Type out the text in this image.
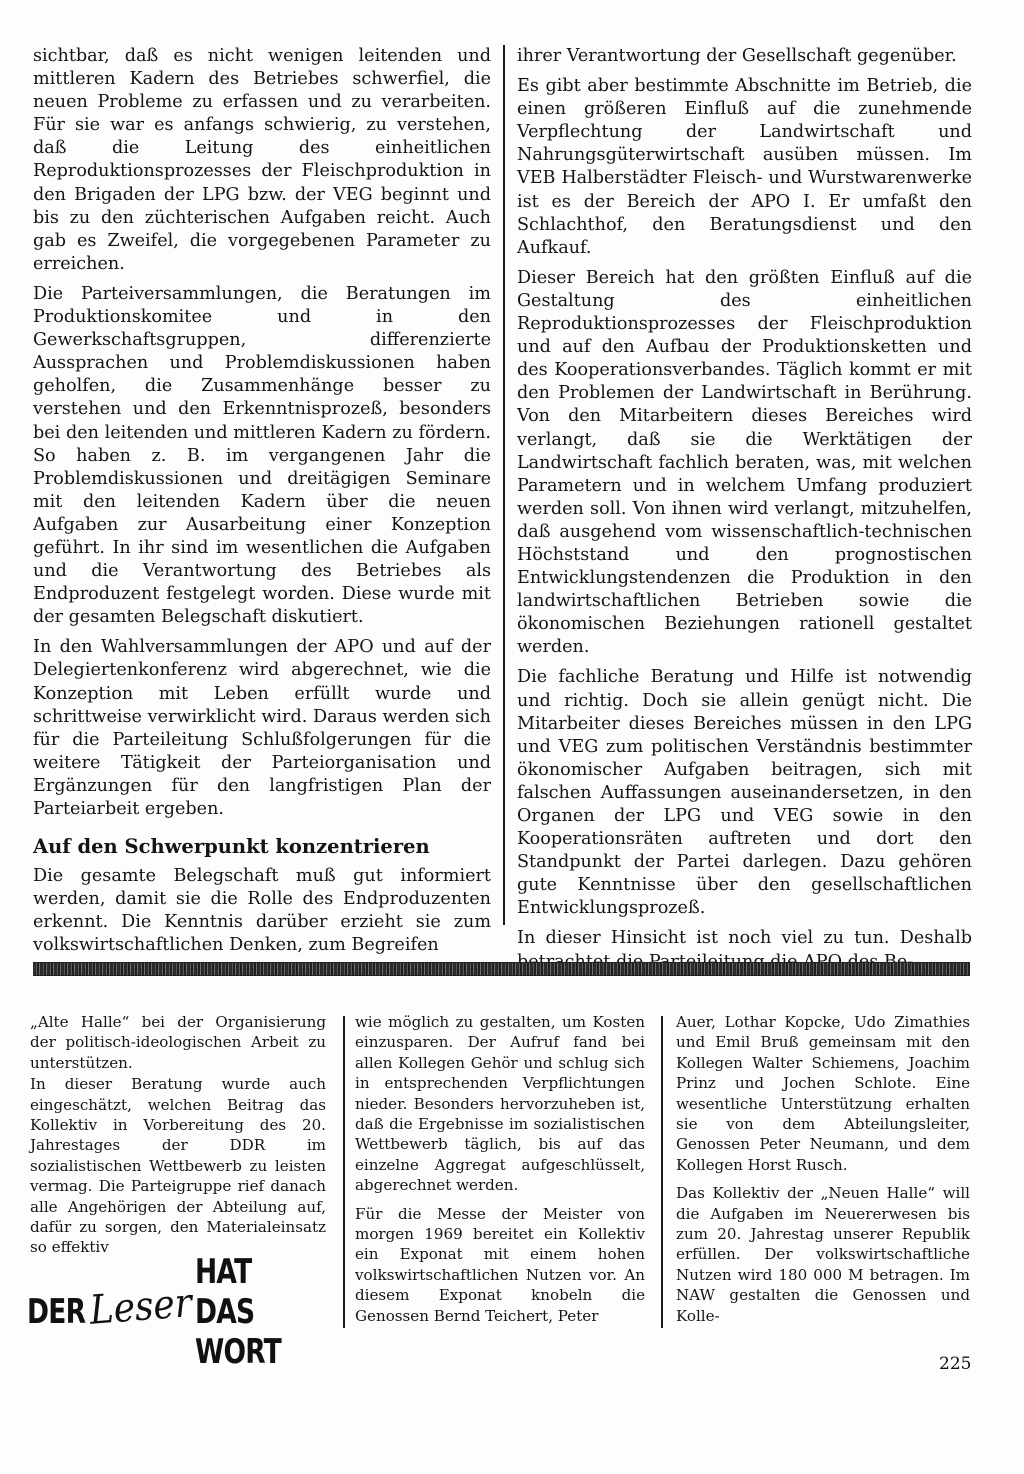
sichtbar, daß es nicht wenigen leitenden und mittleren Kadern des Betriebes schwerfiel, die neuen Probleme zu erfassen und zu verarbeiten. Für sie war es anfangs schwierig, zu verstehen, daß die Leitung des einheitlichen Reproduktionsprozesses der Fleischproduktion in den Brigaden der LPG bzw. der VEG beginnt und bis zu den züchterischen Aufgaben reicht. Auch gab es Zweifel, die vorgegebenen Parameter zu erreichen.

Die Parteiversammlungen, die Beratungen im Produktionskomitee und in den Gewerkschaftsgruppen, differenzierte Aussprachen und Problemdiskussionen haben geholfen, die Zusammenhänge besser zu verstehen und den Erkenntnisprozeß, besonders bei den leitenden und mittleren Kadern zu fördern. So haben z. B. im vergangenen Jahr die Problemdiskussionen und dreitägigen Seminare mit den leitenden Kadern über die neuen Aufgaben zur Ausarbeitung einer Konzeption geführt. In ihr sind im wesentlichen die Aufgaben und die Verantwortung des Betriebes als Endproduzent festgelegt worden. Diese wurde mit der gesamten Belegschaft diskutiert.

In den Wahlversammlungen der APO und auf der Delegiertenkonferenz wird abgerechnet, wie die Konzeption mit Leben erfüllt wurde und schrittweise verwirklicht wird. Daraus werden sich für die Parteileitung Schlußfolgerungen für die weitere Tätigkeit der Parteiorganisation und Ergänzungen für den langfristigen Plan der Parteiarbeit ergeben.

Auf den Schwerpunkt konzentrieren

Die gesamte Belegschaft muß gut informiert werden, damit sie die Rolle des Endproduzenten erkennt. Die Kenntnis darüber erzieht sie zum volkswirtschaftlichen Denken, zum Begreifen

ihrer Verantwortung der Gesellschaft gegenüber.

Es gibt aber bestimmte Abschnitte im Betrieb, die einen größeren Einfluß auf die zunehmende Verpflechtung der Landwirtschaft und Nahrungsgüterwirtschaft ausüben müssen. Im VEB Halberstädter Fleisch- und Wurstwarenwerke ist es der Bereich der APO I. Er umfaßt den Schlachthof, den Beratungsdienst und den Aufkauf.

Dieser Bereich hat den größten Einfluß auf die Gestaltung des einheitlichen Reproduktionsprozesses der Fleischproduktion und auf den Aufbau der Produktionsketten und des Kooperationsverbandes. Täglich kommt er mit den Problemen der Landwirtschaft in Berührung. Von den Mitarbeitern dieses Bereiches wird verlangt, daß sie die Werktätigen der Landwirtschaft fachlich beraten, was, mit welchen Parametern und in welchem Umfang produziert werden soll. Von ihnen wird verlangt, mitzuhelfen, daß ausgehend vom wissenschaftlich-technischen Höchststand und den prognostischen Entwicklungstendenzen die Produktion in den landwirtschaftlichen Betrieben sowie die ökonomischen Beziehungen rationell gestaltet werden.

Die fachliche Beratung und Hilfe ist notwendig und richtig. Doch sie allein genügt nicht. Die Mitarbeiter dieses Bereiches müssen in den LPG und VEG zum politischen Verständnis bestimmter ökonomischer Aufgaben beitragen, sich mit falschen Auffassungen auseinandersetzen, in den Organen der LPG und VEG sowie in den Kooperationsräten auftreten und dort den Standpunkt der Partei darlegen. Dazu gehören gute Kenntnisse über den gesellschaftlichen Entwicklungsprozeß.

In dieser Hinsicht ist noch viel zu tun. Deshalb

„Alte Halle“ bei der Organisierung der politisch-ideologischen Arbeit zu unterstützen.

In dieser Beratung wurde auch eingeschätzt, welchen Beitrag das Kollektiv in Vorbereitung des 20. Jahrestages der DDR im sozialistischen Wettbewerb zu leisten vermag. Die Parteigruppe rief danach alle Angehörigen der Abteilung auf, dafür zu sorgen, den Materialeinsatz so effektiv

wie möglich zu gestalten, um Kosten einzusparen. Der Aufruf fand bei allen Kollegen Gehör und schlug sich in entsprechenden Verpflichtungen nieder. Besonders hervorzuheben ist, daß die Ergebnisse im sozialistischen Wettbewerb täglich, bis auf das einzelne Aggregat aufgeschlüsselt, abgerechnet werden.

Für die Messe der Meister von morgen 1969 bereitet ein Kollektiv ein Exponat mit einem hohen volkswirtschaftlichen Nutzen vor. An diesem Exponat knobeln die Genossen Bernd Teichert, Peter

Auer, Lothar Kopcke, Udo Zimathies und Emil Bruß gemeinsam mit den Kollegen Walter Schiemens, Joachim Prinz und Jochen Schlote. Eine wesentliche Unterstützung erhalten sie von dem Abteilungsleiter, Genossen Peter Neumann, und dem Kollegen Horst Rusch.

Das Kollektiv der „Neuen Halle“ will die Aufgaben im Neuererwesen bis zum 20. Jahrestag unserer Republik erfüllen. Der volkswirtschaftliche Nutzen wird 180 000 M betragen. Im NAW gestalten die Genossen und Kolle-

DER Leser
HAT DAS WORT	225
